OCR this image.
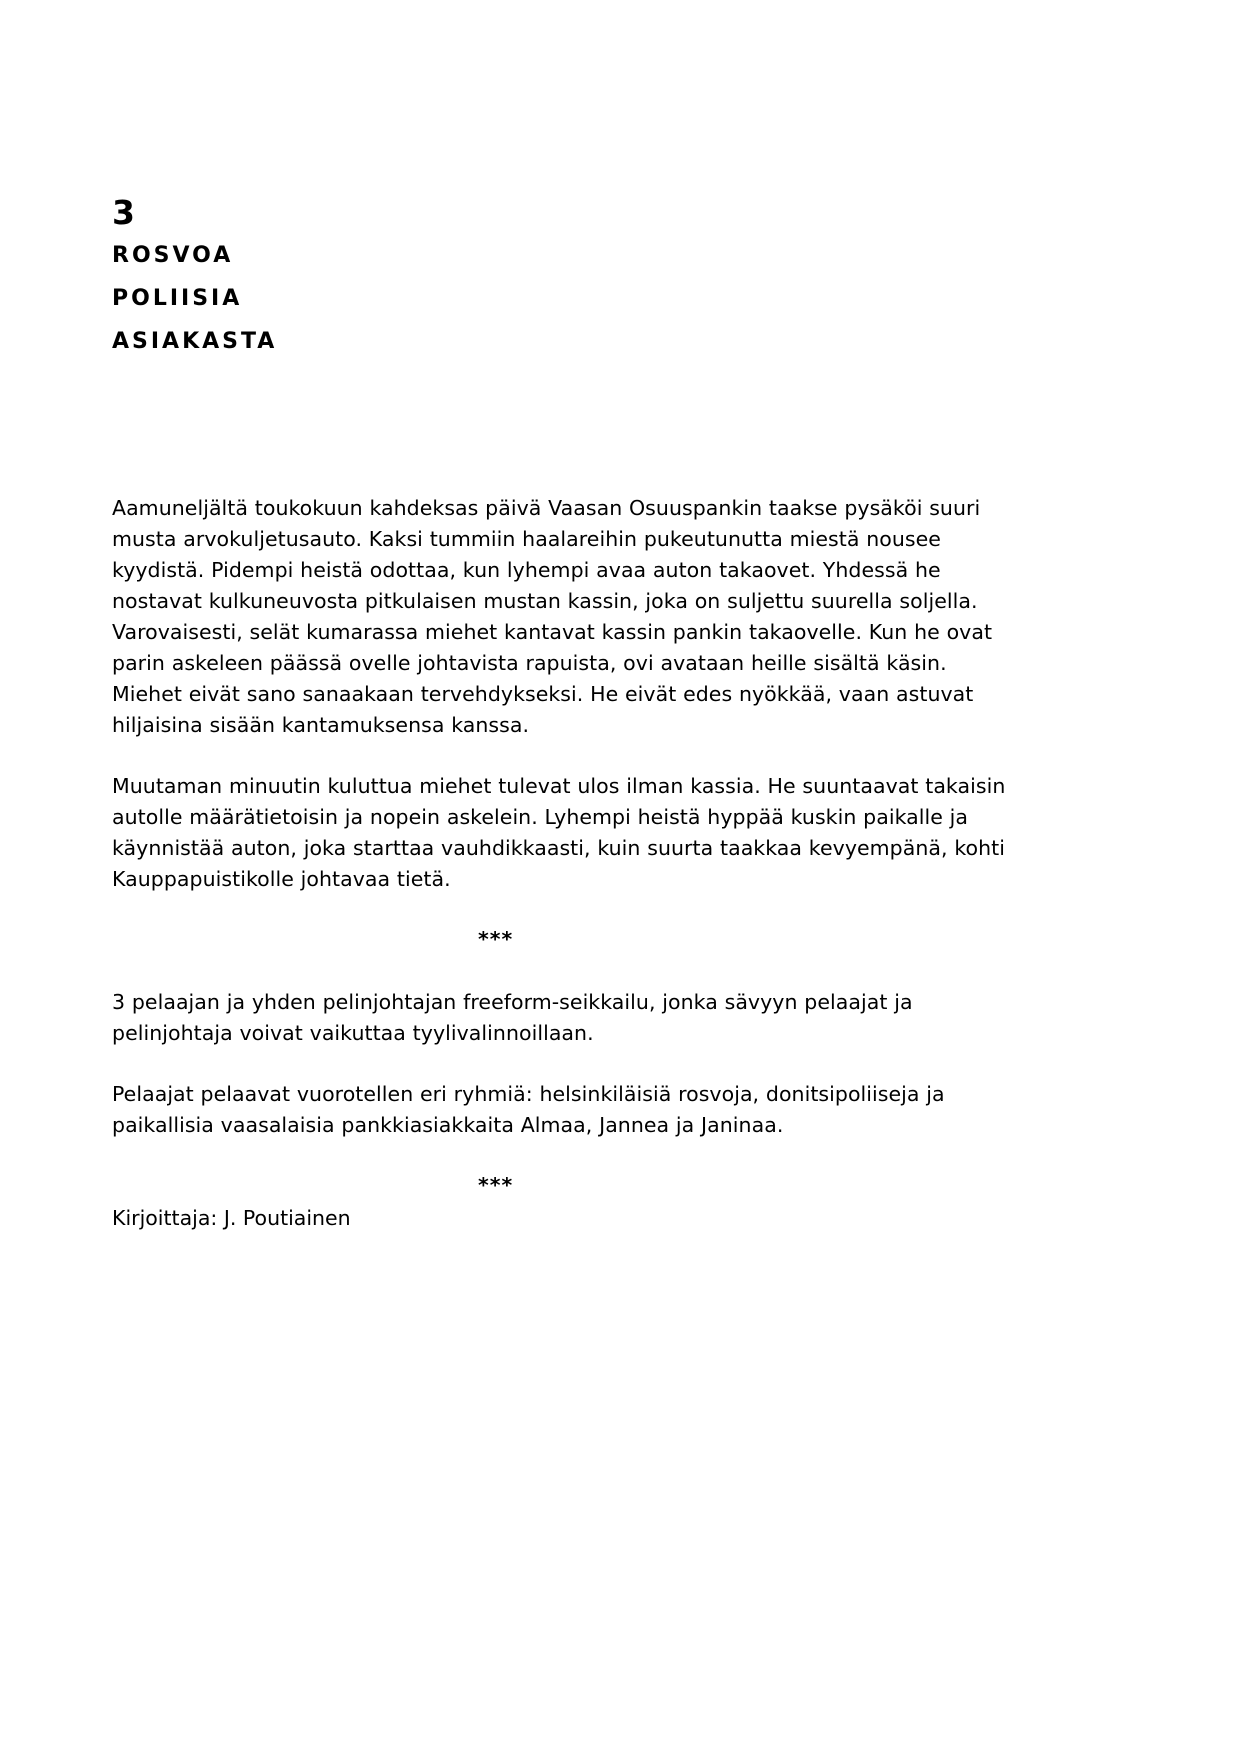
3
ROSVOA
POLIISIA
ASIAKASTA

Aamuneljältä toukokuun kahdeksas päivä Vaasan Osuuspankin taakse pysäköi suuri musta arvokuljetusauto. Kaksi tummiin haalareihin pukeutunutta miestä nousee kyydistä. Pidempi heistä odottaa, kun lyhempi avaa auton takaovet. Yhdessä he nostavat kulkuneuvosta pitkulaisen mustan kassin, joka on suljettu suurella soljella. Varovaisesti, selät kumarassa miehet kantavat kassin pankin takaovelle. Kun he ovat parin askeleen päässä ovelle johtavista rapuista, ovi avataan heille sisältä käsin. Miehet eivät sano sanaakaan tervehdykseksi. He eivät edes nyökkää, vaan astuvat hiljaisina sisään kantamuksensa kanssa.

Muutaman minuutin kuluttua miehet tulevat ulos ilman kassia. He suuntaavat takaisin autolle määrätietoisin ja nopein askelein. Lyhempi heistä hyppää kuskin paikalle ja käynnistää auton, joka starttaa vauhdikkaasti, kuin suurta taakkaa kevyempänä, kohti Kauppapuistikolle johtavaa tietä.

***

3 pelaajan ja yhden pelinjohtajan freeform-seikkailu, jonka sävyyn pelaajat ja pelinjohtaja voivat vaikuttaa tyylivalinnoillaan.

Pelaajat pelaavat vuorotellen eri ryhmiä: helsinkiläisiä rosvoja, donitsipoliiseja ja paikallisia vaasalaisia pankkiasiakkaita Almaa, Jannea ja Janinaa.

***

Kirjoittaja: J. Poutiainen
